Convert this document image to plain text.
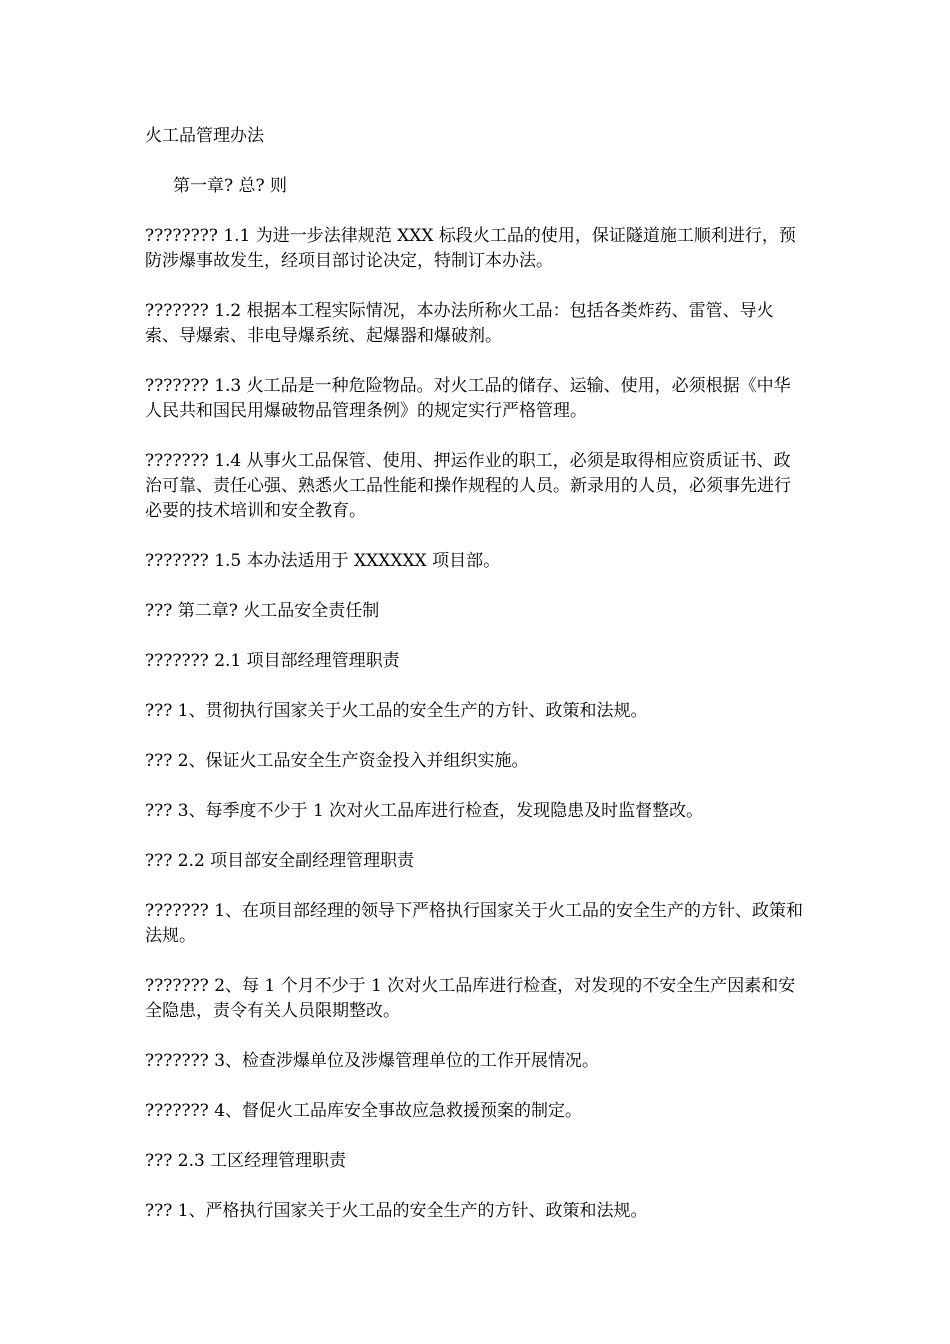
火工品管理办法

第一章? 总? 则

???????? 1.1 为进一步法律规范 XXX 标段火工品的使用，保证隧道施工顺利进行，预防涉爆事故发生，经项目部讨论决定，特制订本办法。

??????? 1.2 根据本工程实际情况，本办法所称火工品：包括各类炸药、雷管、导火索、导爆索、非电导爆系统、起爆器和爆破剂。

??????? 1.3 火工品是一种危险物品。对火工品的储存、运输、使用，必须根据《中华人民共和国民用爆破物品管理条例》的规定实行严格管理。

??????? 1.4 从事火工品保管、使用、押运作业的职工，必须是取得相应资质证书、政治可靠、责任心强、熟悉火工品性能和操作规程的人员。新录用的人员，必须事先进行必要的技术培训和安全教育。

??????? 1.5 本办法适用于 XXXXXX 项目部。

??? 第二章? 火工品安全责任制

??????? 2.1 项目部经理管理职责

??? 1、贯彻执行国家关于火工品的安全生产的方针、政策和法规。

??? 2、保证火工品安全生产资金投入并组织实施。

??? 3、每季度不少于 1 次对火工品库进行检查，发现隐患及时监督整改。

??? 2.2 项目部安全副经理管理职责

??????? 1、在项目部经理的领导下严格执行国家关于火工品的安全生产的方针、政策和法规。

??????? 2、每 1 个月不少于 1 次对火工品库进行检查，对发现的不安全生产因素和安全隐患，责令有关人员限期整改。

??????? 3、检查涉爆单位及涉爆管理单位的工作开展情况。

??????? 4、督促火工品库安全事故应急救援预案的制定。

??? 2.3 工区经理管理职责

??? 1、严格执行国家关于火工品的安全生产的方针、政策和法规。
